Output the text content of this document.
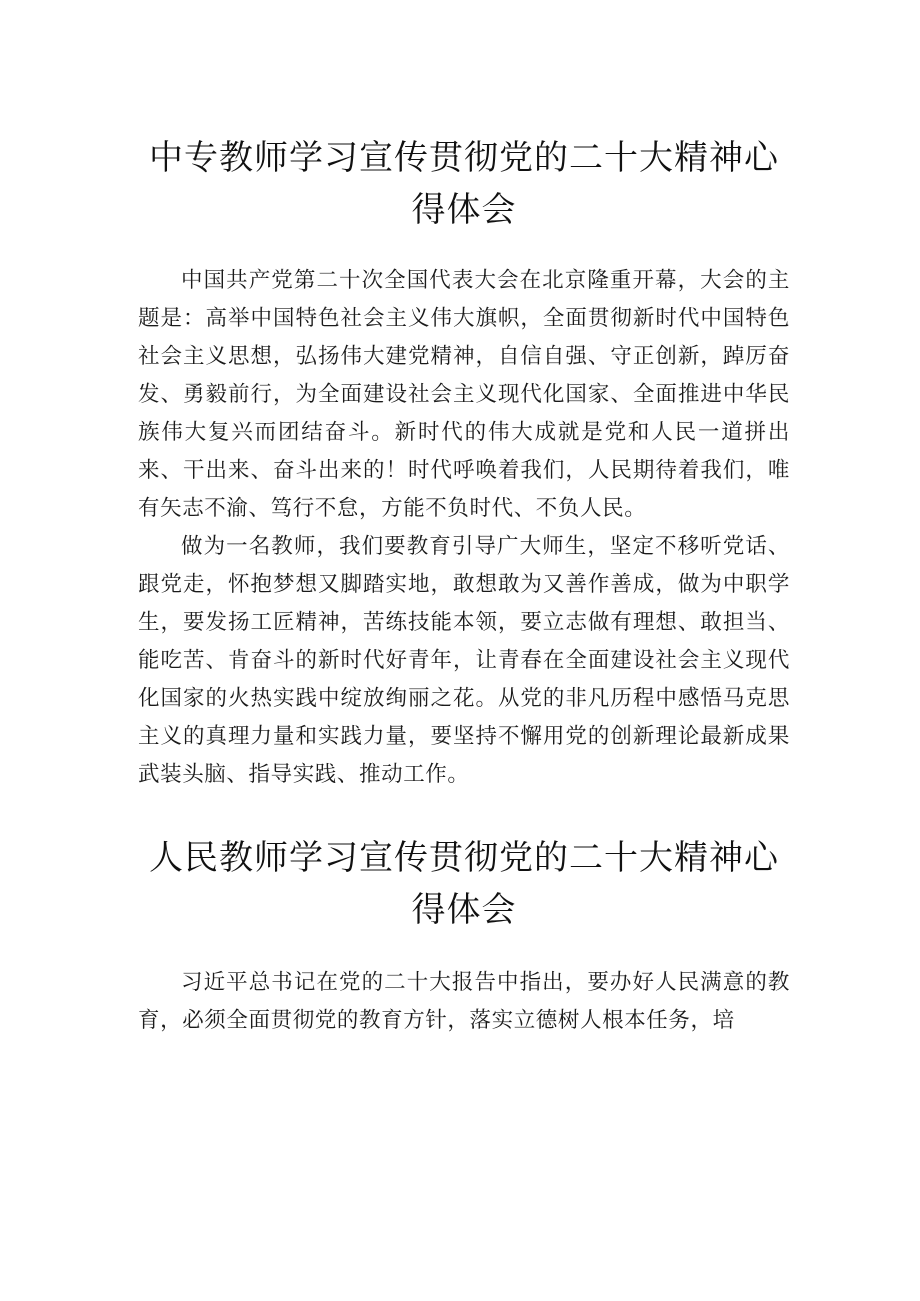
中专教师学习宣传贯彻党的二十大精神心
得体会

中国共产党第二十次全国代表大会在北京隆重开幕，大会的主题是：高举中国特色社会主义伟大旗帜，全面贯彻新时代中国特色社会主义思想，弘扬伟大建党精神，自信自强、守正创新，踔厉奋发、勇毅前行，为全面建设社会主义现代化国家、全面推进中华民族伟大复兴而团结奋斗。新时代的伟大成就是党和人民一道拼出来、干出来、奋斗出来的！时代呼唤着我们，人民期待着我们，唯有矢志不渝、笃行不怠，方能不负时代、不负人民。

做为一名教师，我们要教育引导广大师生，坚定不移听党话、跟党走，怀抱梦想又脚踏实地，敢想敢为又善作善成，做为中职学生，要发扬工匠精神，苦练技能本领，要立志做有理想、敢担当、能吃苦、肯奋斗的新时代好青年，让青春在全面建设社会主义现代化国家的火热实践中绽放绚丽之花。从党的非凡历程中感悟马克思主义的真理力量和实践力量，要坚持不懈用党的创新理论最新成果武装头脑、指导实践、推动工作。

人民教师学习宣传贯彻党的二十大精神心
得体会

习近平总书记在党的二十大报告中指出，要办好人民满意的教育，必须全面贯彻党的教育方针，落实立德树人根本任务，培
